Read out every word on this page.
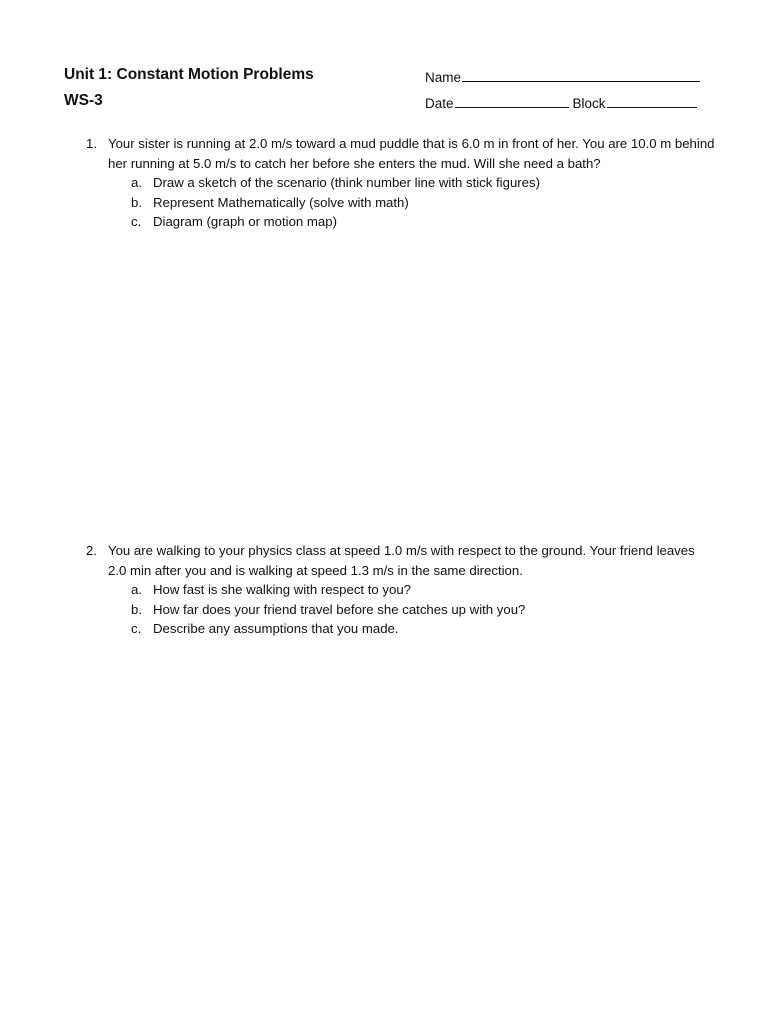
Unit 1: Constant Motion Problems
WS-3
Name
Date	Block
1. Your sister is running at 2.0 m/s toward a mud puddle that is 6.0 m in front of her. You are 10.0 m behind her running at 5.0 m/s to catch her before she enters the mud. Will she need a bath?
a. Draw a sketch of the scenario (think number line with stick figures)
b. Represent Mathematically (solve with math)
c. Diagram (graph or motion map)
2. You are walking to your physics class at speed 1.0 m/s with respect to the ground. Your friend leaves 2.0 min after you and is walking at speed 1.3 m/s in the same direction.
a. How fast is she walking with respect to you?
b. How far does your friend travel before she catches up with you?
c. Describe any assumptions that you made.
